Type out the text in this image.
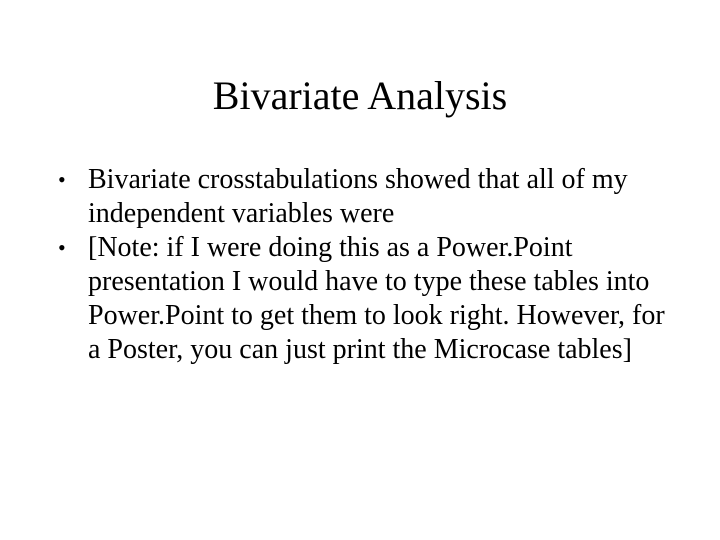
Bivariate Analysis
• Bivariate crosstabulations showed that all of my independent variables were
• [Note: if I were doing this as a Power.Point presentation I would have to type these tables into Power.Point to get them to look right. However, for a Poster, you can just print the Microcase tables]
